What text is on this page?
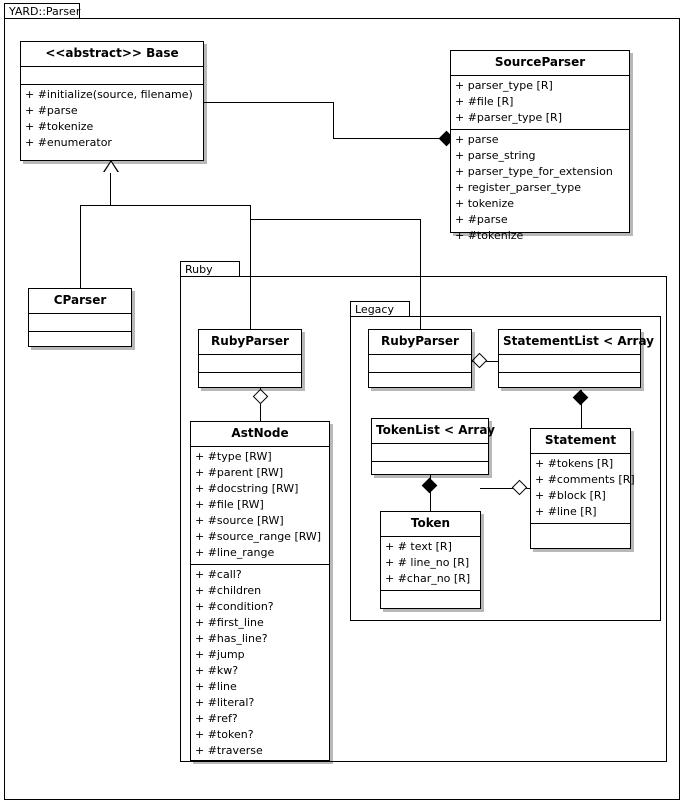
YARD::Parser
Ruby
Legacy
<<abstract>> Base
+ #initialize(source, filename)
+ #parse
+ #tokenize
+ #enumerator
SourceParser
+ parser_type [R]
+ #file [R]
+ #parser_type [R]
+ parse
+ parse_string
+ parser_type_for_extension
+ register_parser_type
+ tokenize
+ #parse
+ #tokenize
CParser
RubyParser	RubyParser	StatementList < Array
TokenList < Array
Statement
+ #tokens [R]
+ #comments [R]
+ #block [R]
+ #line [R]
Token
+ # text [R]
+ # line_no [R]
+ #char_no [R]
AstNode
+ #type [RW]
+ #parent [RW]
+ #docstring [RW]
+ #file [RW]
+ #source [RW]
+ #source_range [RW]
+ #line_range
+ #call?
+ #children
+ #condition?
+ #first_line
+ #has_line?
+ #jump
+ #kw?
+ #line
+ #literal?
+ #ref?
+ #token?
+ #traverse
